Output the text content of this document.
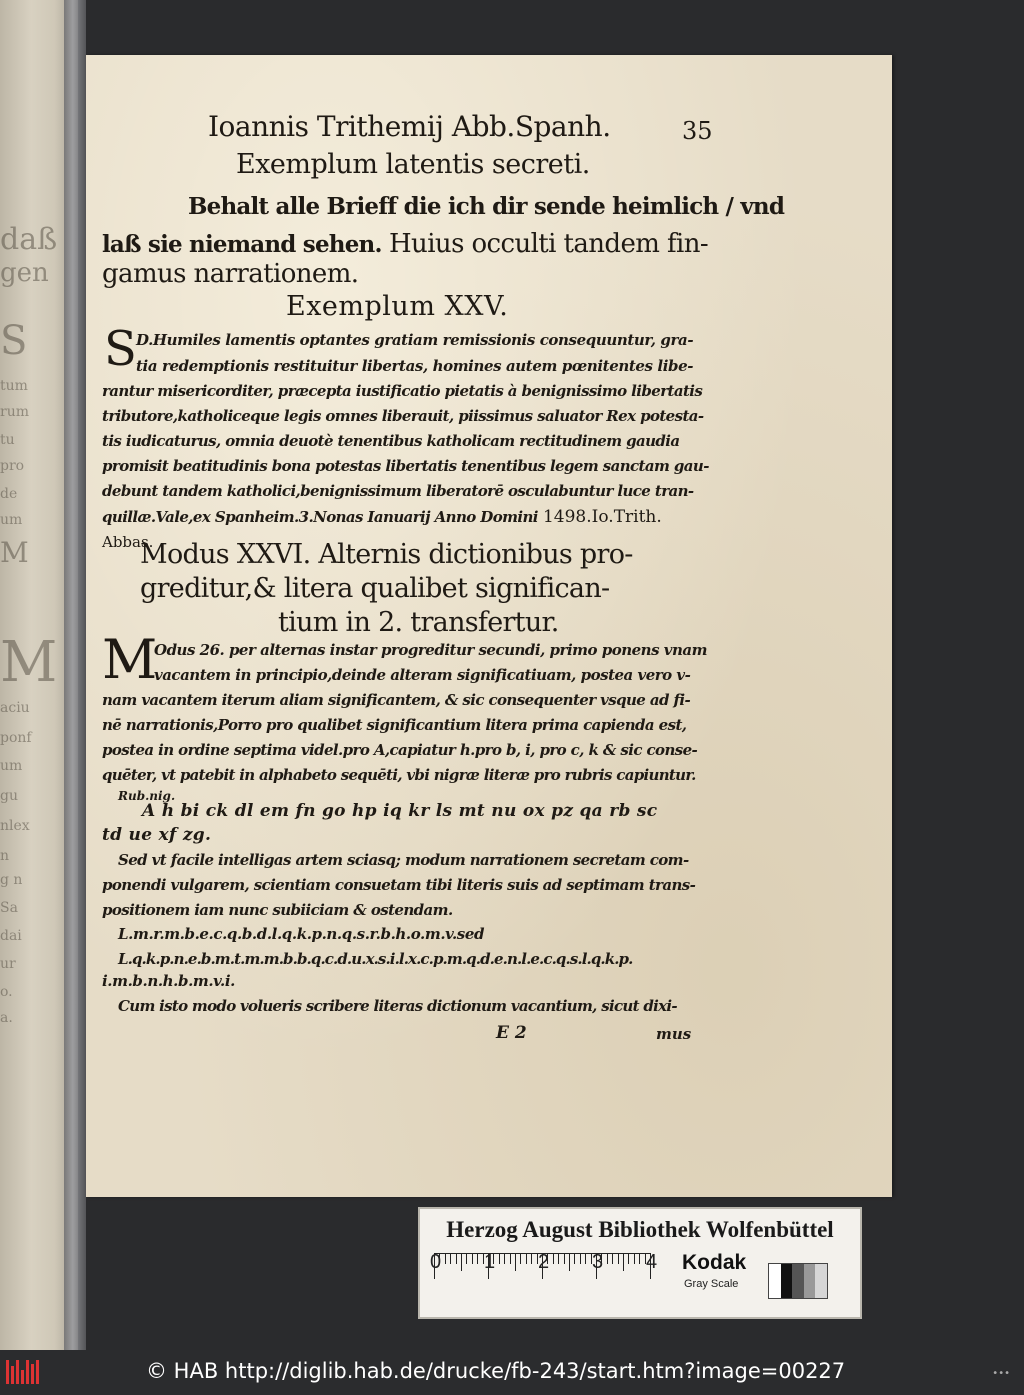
daß
gen
S
tum
rum
tu
pro
de
um
M
M
aciu
ponf
um
gu
nlex
n
g n
Sa
dai
ur
o.
a.
Ioannis Trithemij Abb.Spanh.	35
Exemplum latentis secreti.
Behalt alle Brieff die ich dir sende heimlich / vnd
laß sie niemand sehen. Huius occulti tandem fin-
gamus narrationem.
Exemplum XXV.
S D.Humiles lamentis optantes gratiam remissionis consequuntur, gra-
tia redemptionis restituitur libertas, homines autem pœnitentes libe-
rantur misericorditer, præcepta iustificatio pietatis à benignissimo libertatis
tributore,katholiceque legis omnes liberauit, piissimus saluator Rex potesta-
tis iudicaturus, omnia deuotè tenentibus katholicam rectitudinem gaudia
promisit beatitudinis bona potestas libertatis tenentibus legem sanctam gau-
debunt tandem katholici,benignissimum liberatorē osculabuntur luce tran-
quillæ.Vale,ex Spanheim.3.Nonas Ianuarij Anno Domini 1498.Io.Trith.
Abbas.
Modus XXVI. Alternis dictionibus pro-
greditur,& litera qualibet significan-
tium in 2. transfertur.
M
Odus 26. per alternas instar progreditur secundi, primo ponens vnam
vacantem in principio,deinde alteram significatiuam, postea vero v-
nam vacantem iterum aliam significantem, & sic consequenter vsque ad fi-
nē narrationis,Porro pro qualibet significantium litera prima capienda est,
postea in ordine septima videl.pro A,capiatur h.pro b, i, pro c, k & sic conse-
quēter, vt patebit in alphabeto sequēti, vbi nigræ literæ pro rubris capiuntur.
Rub.nig.
A h bi ck dl em fn go hp iq kr ls mt nu ox pz qa rb sc
td ue xf zg.
Sed vt facile intelligas artem sciasq; modum narrationem secretam com-
ponendi vulgarem, scientiam consuetam tibi literis suis ad septimam trans-
positionem iam nunc subiiciam & ostendam.
L.m.r.m.b.e.c.q.b.d.l.q.k.p.n.q.s.r.b.h.o.m.v.sed
L.q.k.p.n.e.b.m.t.m.m.b.b.q.c.d.u.x.s.i.l.x.c.p.m.q.d.e.n.l.e.c.q.s.l.q.k.p.
i.m.b.n.h.b.m.v.i.
Cum isto modo volueris scribere literas dictionum vacantium, sicut dixi-
E 2	mus
Herzog August Bibliothek Wolfenbüttel
0 1 2 3 4 Kodak
Gray Scale
© HAB http://diglib.hab.de/drucke/fb-243/start.htm?image=00227	•••
